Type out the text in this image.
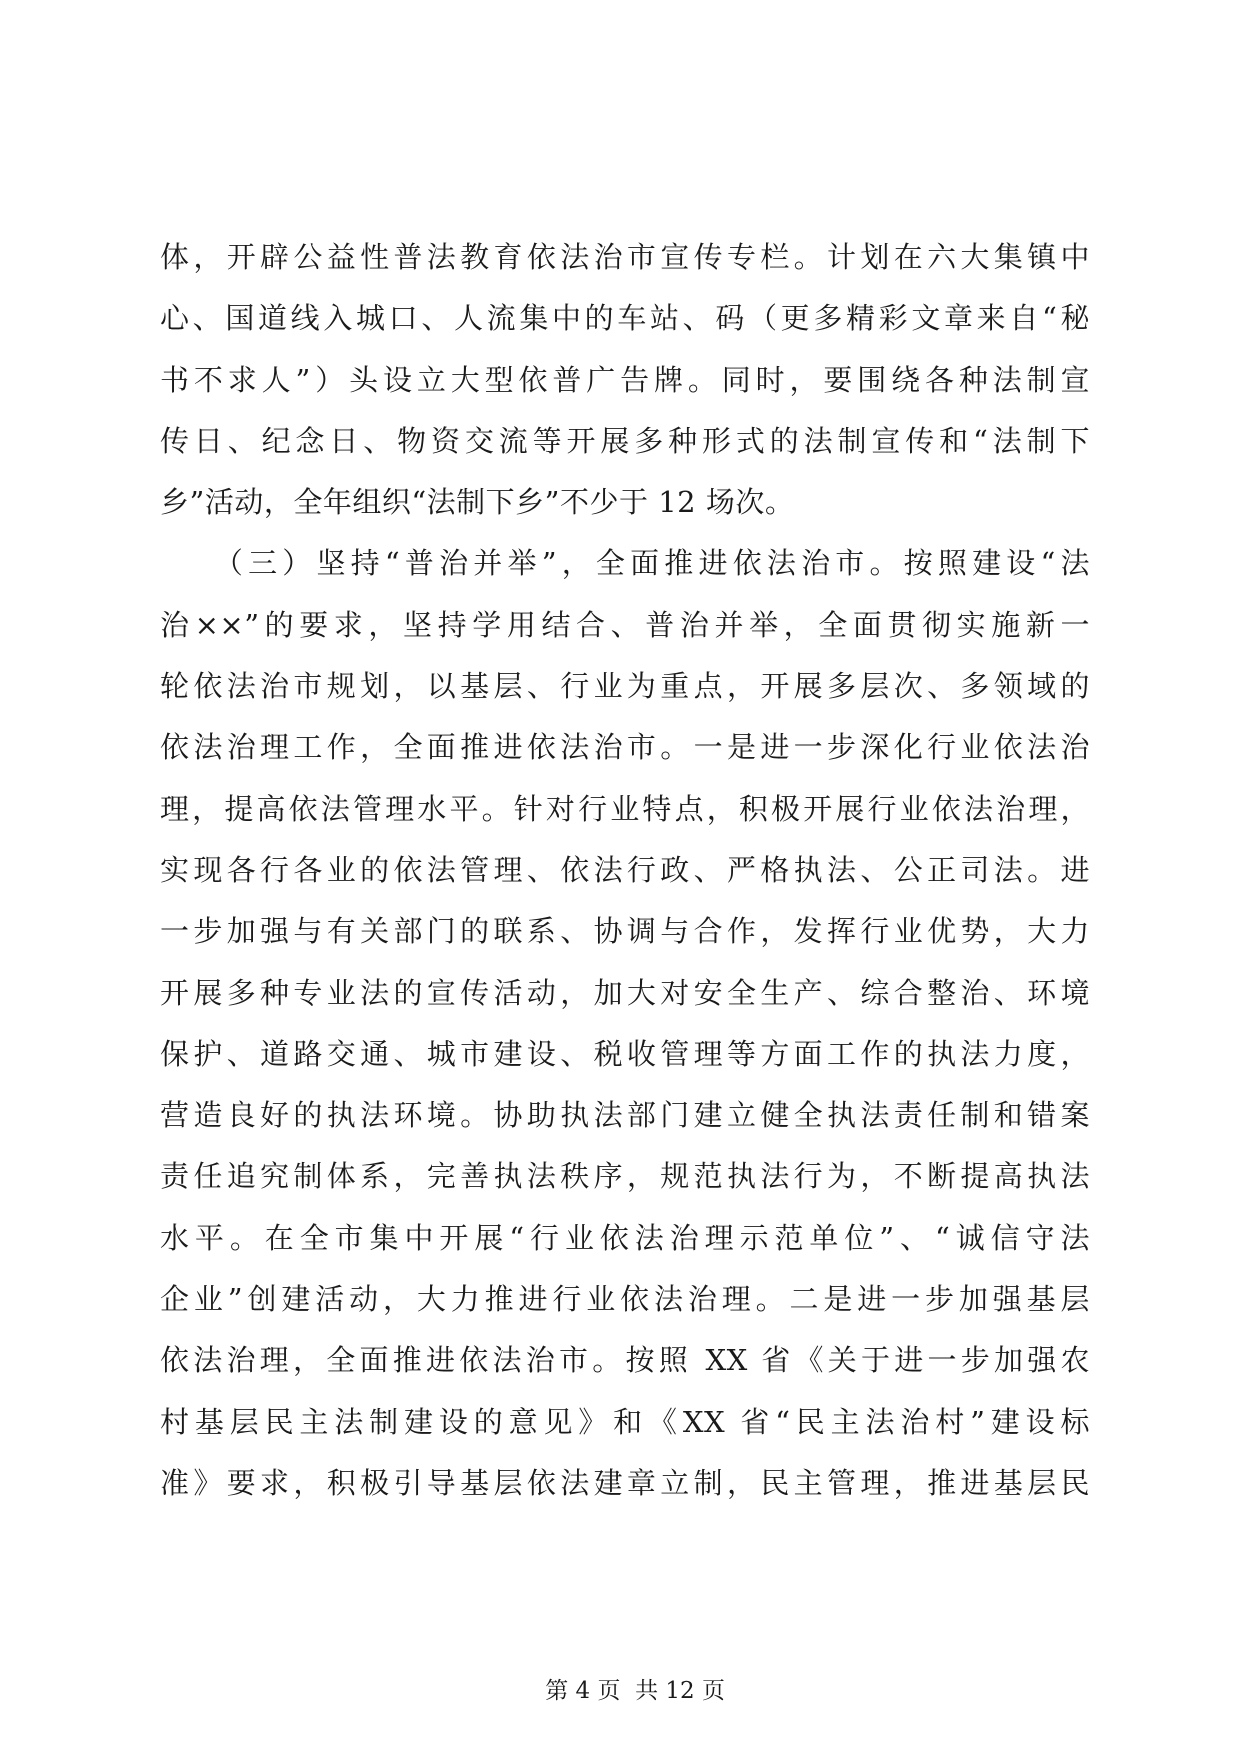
体，开辟公益性普法教育依法治市宣传专栏。计划在六大集镇中
心、国道线入城口、人流集中的车站、码（更多精彩文章来自“秘
书不求人”）头设立大型依普广告牌。同时，要围绕各种法制宣
传日、纪念日、物资交流等开展多种形式的法制宣传和“法制下
乡”活动，全年组织“法制下乡”不少于 12 场次。
　　（三）坚持“普治并举”，全面推进依法治市。按照建设“法
治××”的要求，坚持学用结合、普治并举，全面贯彻实施新一
轮依法治市规划，以基层、行业为重点，开展多层次、多领域的
依法治理工作，全面推进依法治市。一是进一步深化行业依法治
理，提高依法管理水平。针对行业特点，积极开展行业依法治理，
实现各行各业的依法管理、依法行政、严格执法、公正司法。进
一步加强与有关部门的联系、协调与合作，发挥行业优势，大力
开展多种专业法的宣传活动，加大对安全生产、综合整治、环境
保护、道路交通、城市建设、税收管理等方面工作的执法力度，
营造良好的执法环境。协助执法部门建立健全执法责任制和错案
责任追究制体系，完善执法秩序，规范执法行为，不断提高执法
水平。在全市集中开展“行业依法治理示范单位”、“诚信守法
企业”创建活动，大力推进行业依法治理。二是进一步加强基层
依法治理，全面推进依法治市。按照 XX 省《关于进一步加强农
村基层民主法制建设的意见》和《XX 省“民主法治村”建设标
准》要求，积极引导基层依法建章立制，民主管理，推进基层民

第 4 页  共 12 页
